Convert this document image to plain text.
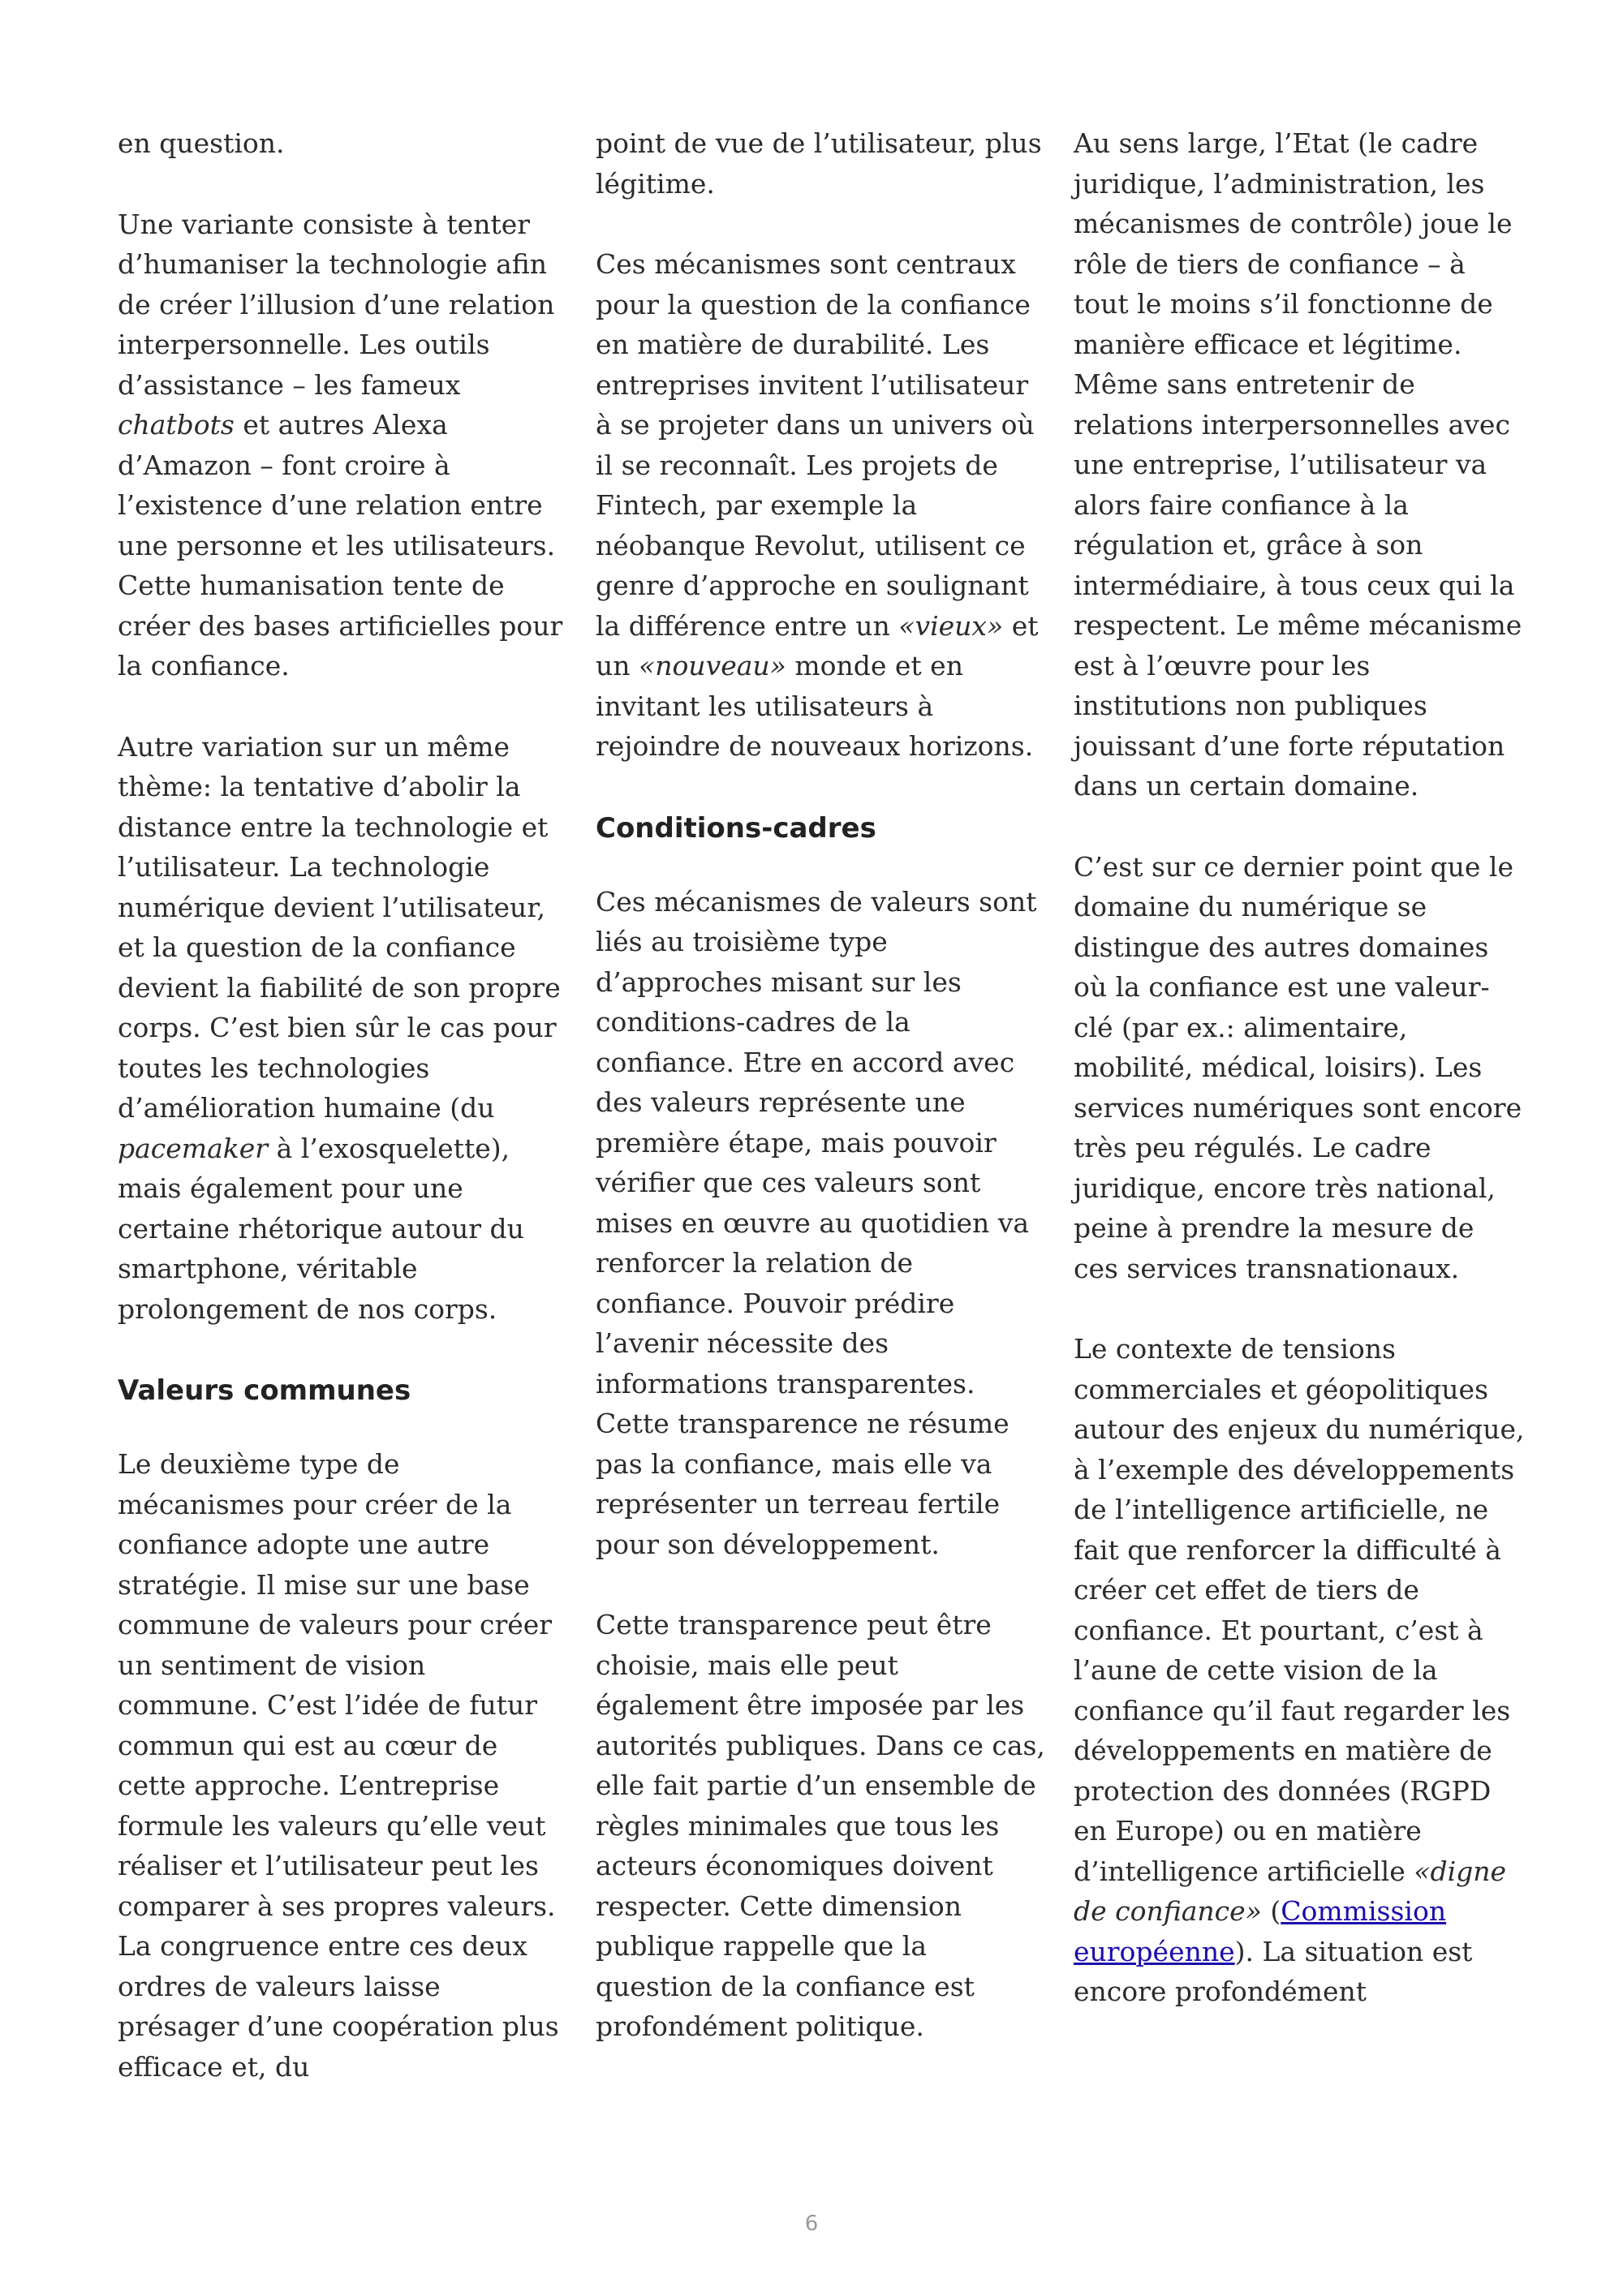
en question.

Une variante consiste à tenter d’humaniser la technologie afin de créer l’illusion d’une relation interpersonnelle. Les outils d’assistance – les fameux chatbots et autres Alexa d’Amazon – font croire à l’existence d’une relation entre une personne et les utilisateurs. Cette humanisation tente de créer des bases artificielles pour la confiance.

Autre variation sur un même thème: la tentative d’abolir la distance entre la technologie et l’utilisateur. La technologie numérique devient l’utilisateur, et la question de la confiance devient la fiabilité de son propre corps. C’est bien sûr le cas pour toutes les technologies d’amélioration humaine (du pacemaker à l’exosquelette), mais également pour une certaine rhétorique autour du smartphone, véritable prolongement de nos corps.

Valeurs communes

Le deuxième type de mécanismes pour créer de la confiance adopte une autre stratégie. Il mise sur une base commune de valeurs pour créer un sentiment de vision commune. C’est l’idée de futur commun qui est au cœur de cette approche. L’entreprise formule les valeurs qu’elle veut réaliser et l’utilisateur peut les comparer à ses propres valeurs. La congruence entre ces deux ordres de valeurs laisse présager d’une coopération plus efficace et, du

point de vue de l’utilisateur, plus légitime.

Ces mécanismes sont centraux pour la question de la confiance en matière de durabilité. Les entreprises invitent l’utilisateur à se projeter dans un univers où il se reconnaît. Les projets de Fintech, par exemple la néobanque Revolut, utilisent ce genre d’approche en soulignant la différence entre un «vieux» et un «nouveau» monde et en invitant les utilisateurs à rejoindre de nouveaux horizons.

Conditions-cadres

Ces mécanismes de valeurs sont liés au troisième type d’approches misant sur les conditions-cadres de la confiance. Etre en accord avec des valeurs représente une première étape, mais pouvoir vérifier que ces valeurs sont mises en œuvre au quotidien va renforcer la relation de confiance. Pouvoir prédire l’avenir nécessite des informations transparentes. Cette transparence ne résume pas la confiance, mais elle va représenter un terreau fertile pour son développement.

Cette transparence peut être choisie, mais elle peut également être imposée par les autorités publiques. Dans ce cas, elle fait partie d’un ensemble de règles minimales que tous les acteurs économiques doivent respecter. Cette dimension publique rappelle que la question de la confiance est profondément politique.

Au sens large, l’Etat (le cadre juridique, l’administration, les mécanismes de contrôle) joue le rôle de tiers de confiance – à tout le moins s’il fonctionne de manière efficace et légitime. Même sans entretenir de relations interpersonnelles avec une entreprise, l’utilisateur va alors faire confiance à la régulation et, grâce à son intermédiaire, à tous ceux qui la respectent. Le même mécanisme est à l’œuvre pour les institutions non publiques jouissant d’une forte réputation dans un certain domaine.

C’est sur ce dernier point que le domaine du numérique se distingue des autres domaines où la confiance est une valeur-clé (par ex.: alimentaire, mobilité, médical, loisirs). Les services numériques sont encore très peu régulés. Le cadre juridique, encore très national, peine à prendre la mesure de ces services transnationaux.

Le contexte de tensions commerciales et géopolitiques autour des enjeux du numérique, à l’exemple des développements de l’intelligence artificielle, ne fait que renforcer la difficulté à créer cet effet de tiers de confiance. Et pourtant, c’est à l’aune de cette vision de la confiance qu’il faut regarder les développements en matière de protection des données (RGPD en Europe) ou en matière d’intelligence artificielle «digne de confiance» (Commission européenne). La situation est encore profondément

6
